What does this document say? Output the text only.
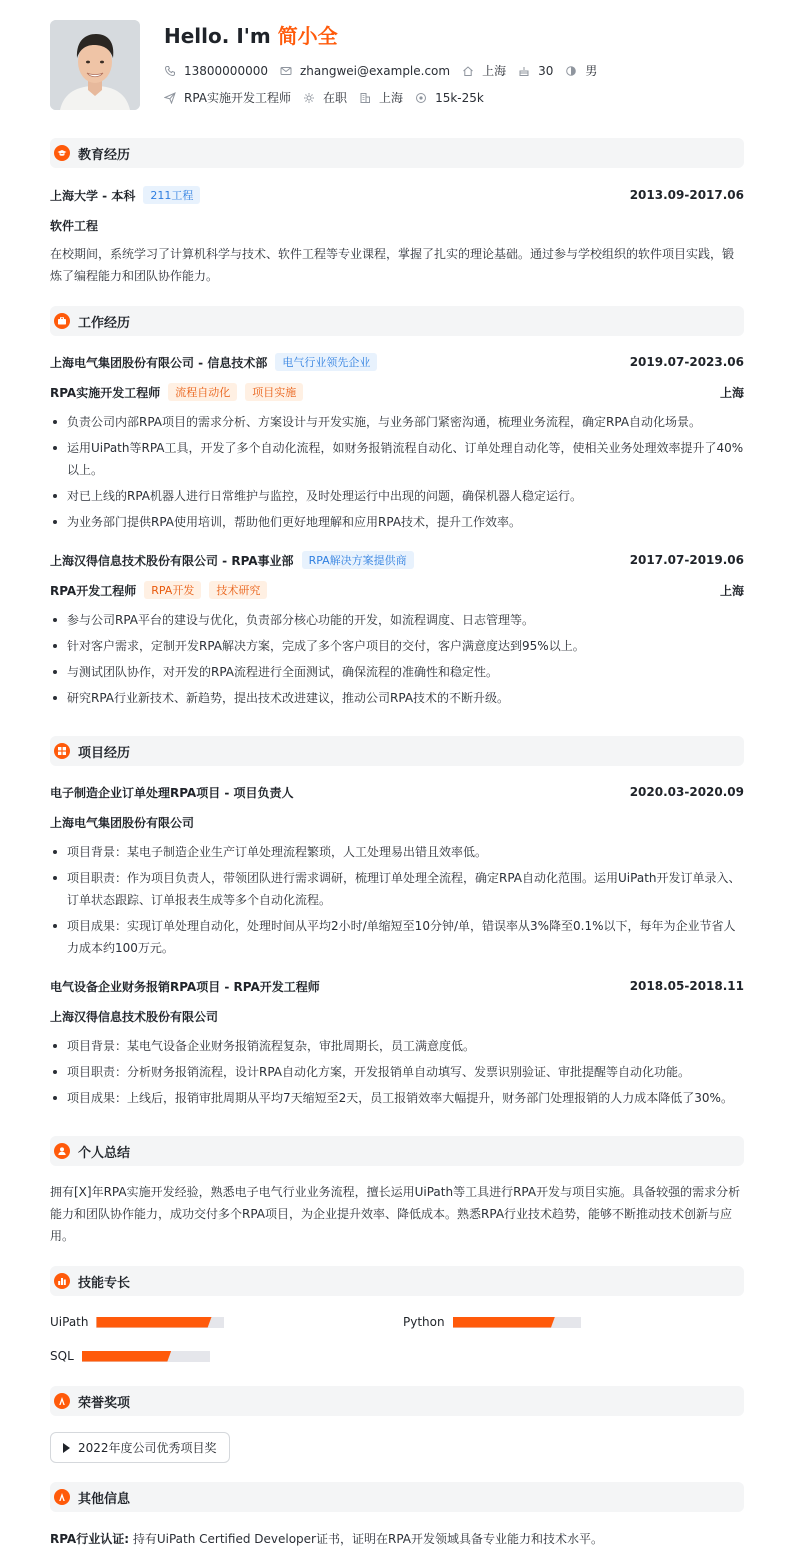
Hello. I'm 简小全
13800000000	zhangwei@example.com	上海	30	男
RPA实施开发工程师	在职	上海	15k-25k
教育经历
上海大学 - 本科	211工程	2013.09-2017.06
软件工程
在校期间，系统学习了计算机科学与技术、软件工程等专业课程，掌握了扎实的理论基础。通过参与学校组织的软件项目实践，锻炼了编程能力和团队协作能力。
工作经历
上海电气集团股份有限公司 - 信息技术部	电气行业领先企业	2019.07-2023.06
RPA实施开发工程师	流程自动化	项目实施	上海
负责公司内部RPA项目的需求分析、方案设计与开发实施，与业务部门紧密沟通，梳理业务流程，确定RPA自动化场景。
运用UiPath等RPA工具，开发了多个自动化流程，如财务报销流程自动化、订单处理自动化等，使相关业务处理效率提升了40%以上。
对已上线的RPA机器人进行日常维护与监控，及时处理运行中出现的问题，确保机器人稳定运行。
为业务部门提供RPA使用培训，帮助他们更好地理解和应用RPA技术，提升工作效率。
上海汉得信息技术股份有限公司 - RPA事业部	RPA解决方案提供商	2017.07-2019.06
RPA开发工程师	RPA开发	技术研究	上海
参与公司RPA平台的建设与优化，负责部分核心功能的开发，如流程调度、日志管理等。
针对客户需求，定制开发RPA解决方案，完成了多个客户项目的交付，客户满意度达到95%以上。
与测试团队协作，对开发的RPA流程进行全面测试，确保流程的准确性和稳定性。
研究RPA行业新技术、新趋势，提出技术改进建议，推动公司RPA技术的不断升级。
项目经历
电子制造企业订单处理RPA项目 - 项目负责人	2020.03-2020.09
上海电气集团股份有限公司
项目背景：某电子制造企业生产订单处理流程繁琐，人工处理易出错且效率低。
项目职责：作为项目负责人，带领团队进行需求调研，梳理订单处理全流程，确定RPA自动化范围。运用UiPath开发订单录入、订单状态跟踪、订单报表生成等多个自动化流程。
项目成果：实现订单处理自动化，处理时间从平均2小时/单缩短至10分钟/单，错误率从3%降至0.1%以下，每年为企业节省人力成本约100万元。
电气设备企业财务报销RPA项目 - RPA开发工程师	2018.05-2018.11
上海汉得信息技术股份有限公司
项目背景：某电气设备企业财务报销流程复杂，审批周期长，员工满意度低。
项目职责：分析财务报销流程，设计RPA自动化方案，开发报销单自动填写、发票识别验证、审批提醒等自动化功能。
项目成果：上线后，报销审批周期从平均7天缩短至2天，员工报销效率大幅提升，财务部门处理报销的人力成本降低了30%。
个人总结
拥有[X]年RPA实施开发经验，熟悉电子电气行业业务流程，擅长运用UiPath等工具进行RPA开发与项目实施。具备较强的需求分析能力和团队协作能力，成功交付多个RPA项目，为企业提升效率、降低成本。熟悉RPA行业技术趋势，能够不断推动技术创新与应用。
技能专长
UiPath	Python
SQL
荣誉奖项
2022年度公司优秀项目奖
其他信息
RPA行业认证: 持有UiPath Certified Developer证书，证明在RPA开发领域具备专业能力和技术水平。
